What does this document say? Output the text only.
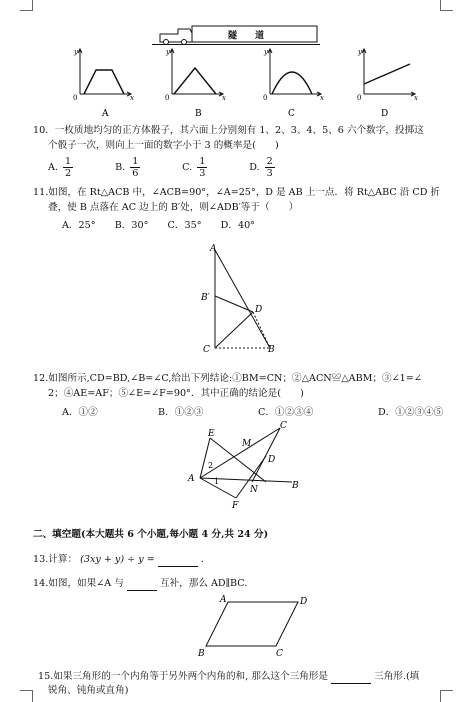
隧　　道
y
x
0
y
x
0
y
x
0
y
x
0
A	B	C	D
10．一枚质地均匀的正方体骰子，其六面上分别刻有 1、2、3、4、5、6 六个数字，投掷这
个骰子一次，则向上一面的数字小于 3 的概率是(　　)
A. $\frac{1}{2}$	B. $\frac{1}{6}$	C. $\frac{1}{3}$	D. $\frac{2}{3}$
11.如图，在 Rt△ACB 中，∠ACB=90°，∠A=25°，D 是 AB 上一点．将 Rt△ABC 沿 CD 折
叠，使 B 点落在 AC 边上的 B′处，则∠ADB′等于（　　）
A．25°　　B．30°　　C．35°　　D．40°
A
B′
D
C	B
12.如图所示,CD=BD,∠B=∠C,给出下列结论:①BM=CN；②△ACN≌△ABM；③∠1=∠
2；④AE=AF；⑤∠E=∠F=90°．其中正确的结论是(　　)
A．①②	B．①②③	C．①②③④	D．①②③④⑤
A
B
C
D
E
F
M
N
1
2
二、填空题(本大题共 6 个小题,每小题 4 分,共 24 分)
13.计算： (3xy + y) ÷ y =	.
14.如图，如果∠A 与	互补，那么 AD∥BC.
A	D
B	C
15.如果三角形的一个内角等于另外两个内角的和, 那么这个三角形是	三角形.(填
锐角、钝角或直角)
